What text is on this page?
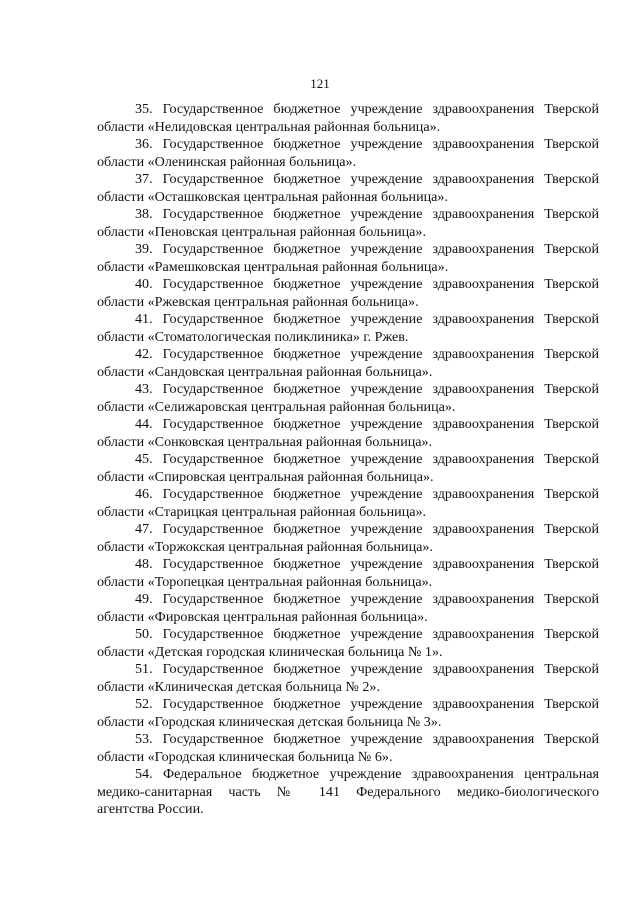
121

35. Государственное бюджетное учреждение здравоохранения Тверской
области «Нелидовская центральная районная больница».

36. Государственное бюджетное учреждение здравоохранения Тверской
области «Оленинская районная больница».

37. Государственное бюджетное учреждение здравоохранения Тверской
области «Осташковская центральная районная больница».

38. Государственное бюджетное учреждение здравоохранения Тверской
области «Пеновская центральная районная больница».

39. Государственное бюджетное учреждение здравоохранения Тверской
области «Рамешковская центральная районная больница».

40. Государственное бюджетное учреждение здравоохранения Тверской
области «Ржевская центральная районная больница».

41. Государственное бюджетное учреждение здравоохранения Тверской
области «Стоматологическая поликлиника» г. Ржев.

42. Государственное бюджетное учреждение здравоохранения Тверской
области «Сандовская центральная районная больница».

43. Государственное бюджетное учреждение здравоохранения Тверской
области «Селижаровская центральная районная больница».

44. Государственное бюджетное учреждение здравоохранения Тверской
области «Сонковская центральная районная больница».

45. Государственное бюджетное учреждение здравоохранения Тверской
области «Спировская центральная районная больница».

46. Государственное бюджетное учреждение здравоохранения Тверской
области «Старицкая центральная районная больница».

47. Государственное бюджетное учреждение здравоохранения Тверской
области «Торжокская центральная районная больница».

48. Государственное бюджетное учреждение здравоохранения Тверской
области «Торопецкая центральная районная больница».

49. Государственное бюджетное учреждение здравоохранения Тверской
области «Фировская центральная районная больница».

50. Государственное бюджетное учреждение здравоохранения Тверской
области «Детская городская клиническая больница № 1».

51. Государственное бюджетное учреждение здравоохранения Тверской
области «Клиническая детская больница № 2».

52. Государственное бюджетное учреждение здравоохранения Тверской
области «Городская клиническая детская больница № 3».

53. Государственное бюджетное учреждение здравоохранения Тверской
области «Городская клиническая больница № 6».

54. Федеральное бюджетное учреждение здравоохранения центральная
медико-санитарная часть № 141 Федерального медико-биологического
агентства России.
